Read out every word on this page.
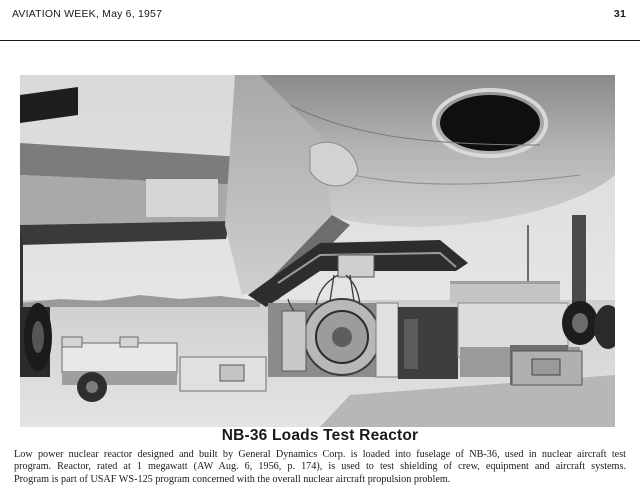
AVIATION WEEK, May 6, 1957	31
NB-36 Loads Test Reactor
Low power nuclear reactor designed and built by General Dynamics Corp. is loaded into fuselage of NB-36, used in nuclear aircraft test
program. Reactor, rated at 1 megawatt (AW Aug. 6, 1956, p. 174), is used to test shielding of crew, equipment and aircraft systems.
Program is part of USAF WS-125 program concerned with the overall nuclear aircraft propulsion problem.
